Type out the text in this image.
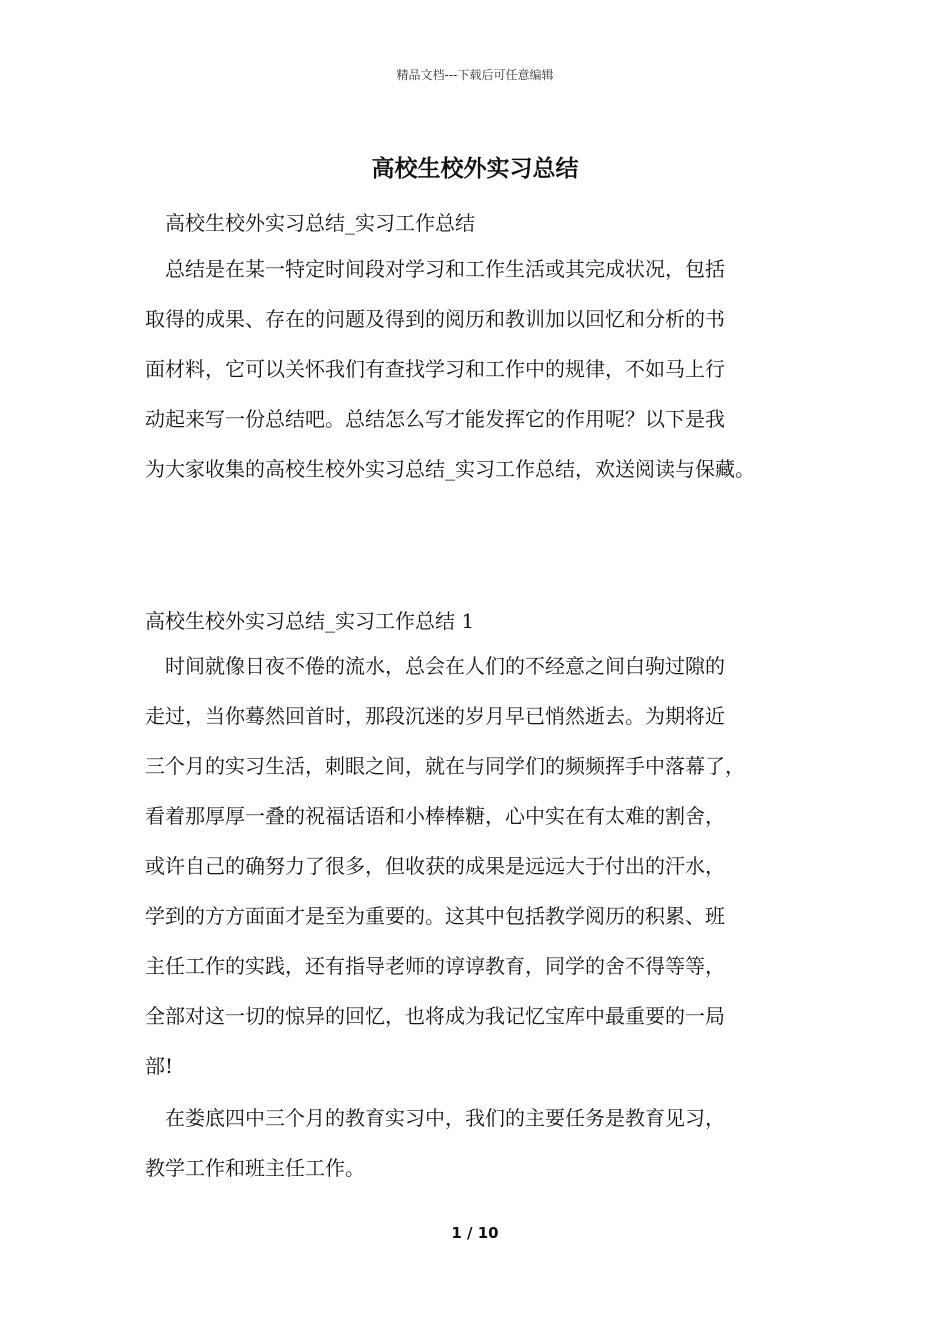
精品文档---下载后可任意编辑
高校生校外实习总结

高校生校外实习总结_实习工作总结

　总结是在某一特定时间段对学习和工作生活或其完成状况，包括
取得的成果、存在的问题及得到的阅历和教训加以回忆和分析的书
面材料，它可以关怀我们有查找学习和工作中的规律，不如马上行
动起来写一份总结吧。总结怎么写才能发挥它的作用呢？以下是我
为大家收集的高校生校外实习总结_实习工作总结，欢送阅读与保藏。

高校生校外实习总结_实习工作总结 1

　时间就像日夜不倦的流水，总会在人们的不经意之间白驹过隙的
走过，当你蓦然回首时，那段沉迷的岁月早已悄然逝去。为期将近
三个月的实习生活，刺眼之间，就在与同学们的频频挥手中落幕了，
看着那厚厚一叠的祝福话语和小棒棒糖，心中实在有太难的割舍，
或许自己的确努力了很多，但收获的成果是远远大于付出的汗水，
学到的方方面面才是至为重要的。这其中包括教学阅历的积累、班
主任工作的实践，还有指导老师的谆谆教育，同学的舍不得等等，
全部对这一切的惊异的回忆，也将成为我记忆宝库中最重要的一局
部!

　在娄底四中三个月的教育实习中，我们的主要任务是教育见习，
教学工作和班主任工作。

1 / 10
